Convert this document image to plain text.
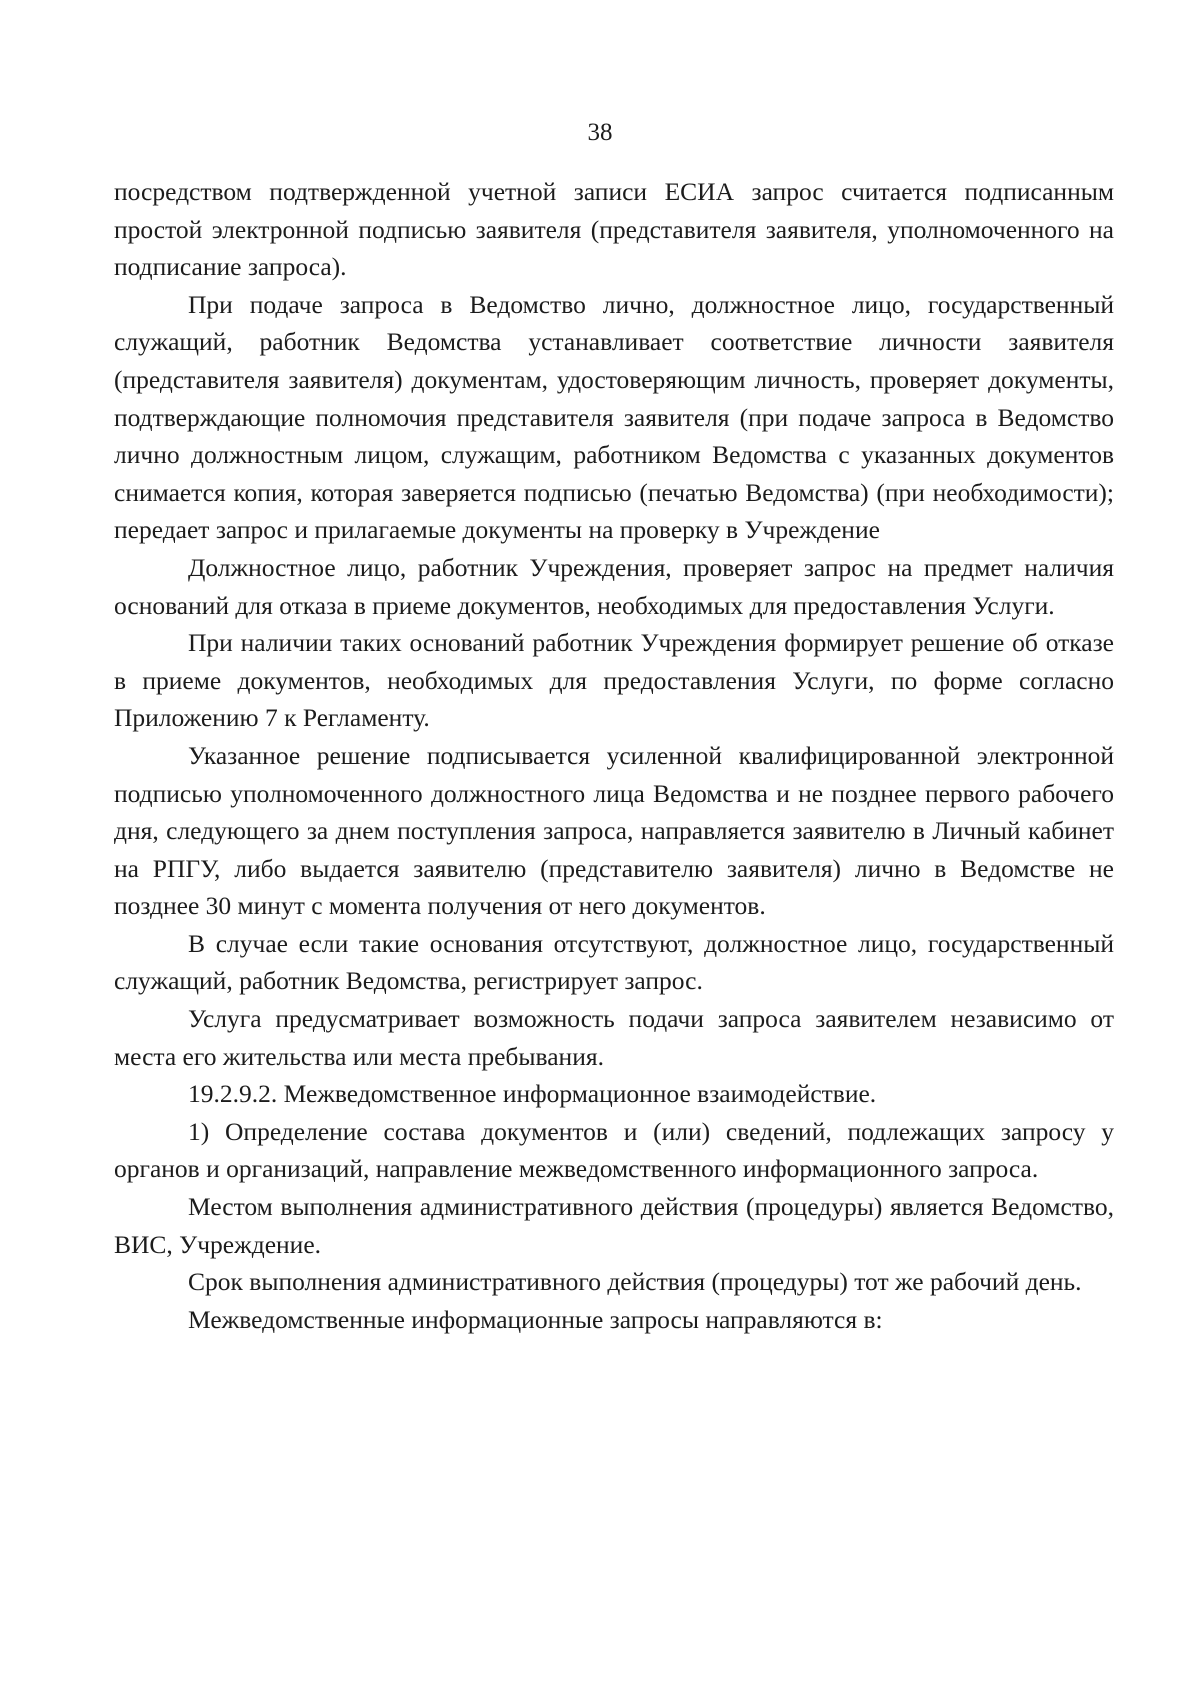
38

посредством подтвержденной учетной записи ЕСИА запрос считается подписанным простой электронной подписью заявителя (представителя заявителя, уполномоченного на подписание запроса).

При подаче запроса в Ведомство лично, должностное лицо, государственный служащий, работник Ведомства устанавливает соответствие личности заявителя (представителя заявителя) документам, удостоверяющим личность, проверяет документы, подтверждающие полномочия представителя заявителя (при подаче запроса в Ведомство лично должностным лицом, служащим, работником Ведомства с указанных документов снимается копия, которая заверяется подписью (печатью Ведомства) (при необходимости); передает запрос и прилагаемые документы на проверку в Учреждение

Должностное лицо, работник Учреждения, проверяет запрос на предмет наличия оснований для отказа в приеме документов, необходимых для предоставления Услуги.

При наличии таких оснований работник Учреждения формирует решение об отказе в приеме документов, необходимых для предоставления Услуги, по форме согласно Приложению 7 к Регламенту.

Указанное решение подписывается усиленной квалифицированной электронной подписью уполномоченного должностного лица Ведомства и не позднее первого рабочего дня, следующего за днем поступления запроса, направляется заявителю в Личный кабинет на РПГУ, либо выдается заявителю (представителю заявителя) лично в Ведомстве не позднее 30 минут с момента получения от него документов.

В случае если такие основания отсутствуют, должностное лицо, государственный служащий, работник Ведомства, регистрирует запрос.

Услуга предусматривает возможность подачи запроса заявителем независимо от места его жительства или места пребывания.

19.2.9.2. Межведомственное информационное взаимодействие.

1) Определение состава документов и (или) сведений, подлежащих запросу у органов и организаций, направление межведомственного информационного запроса.

Местом выполнения административного действия (процедуры) является Ведомство, ВИС, Учреждение.

Срок выполнения административного действия (процедуры) тот же рабочий день.

Межведомственные информационные запросы направляются в:
